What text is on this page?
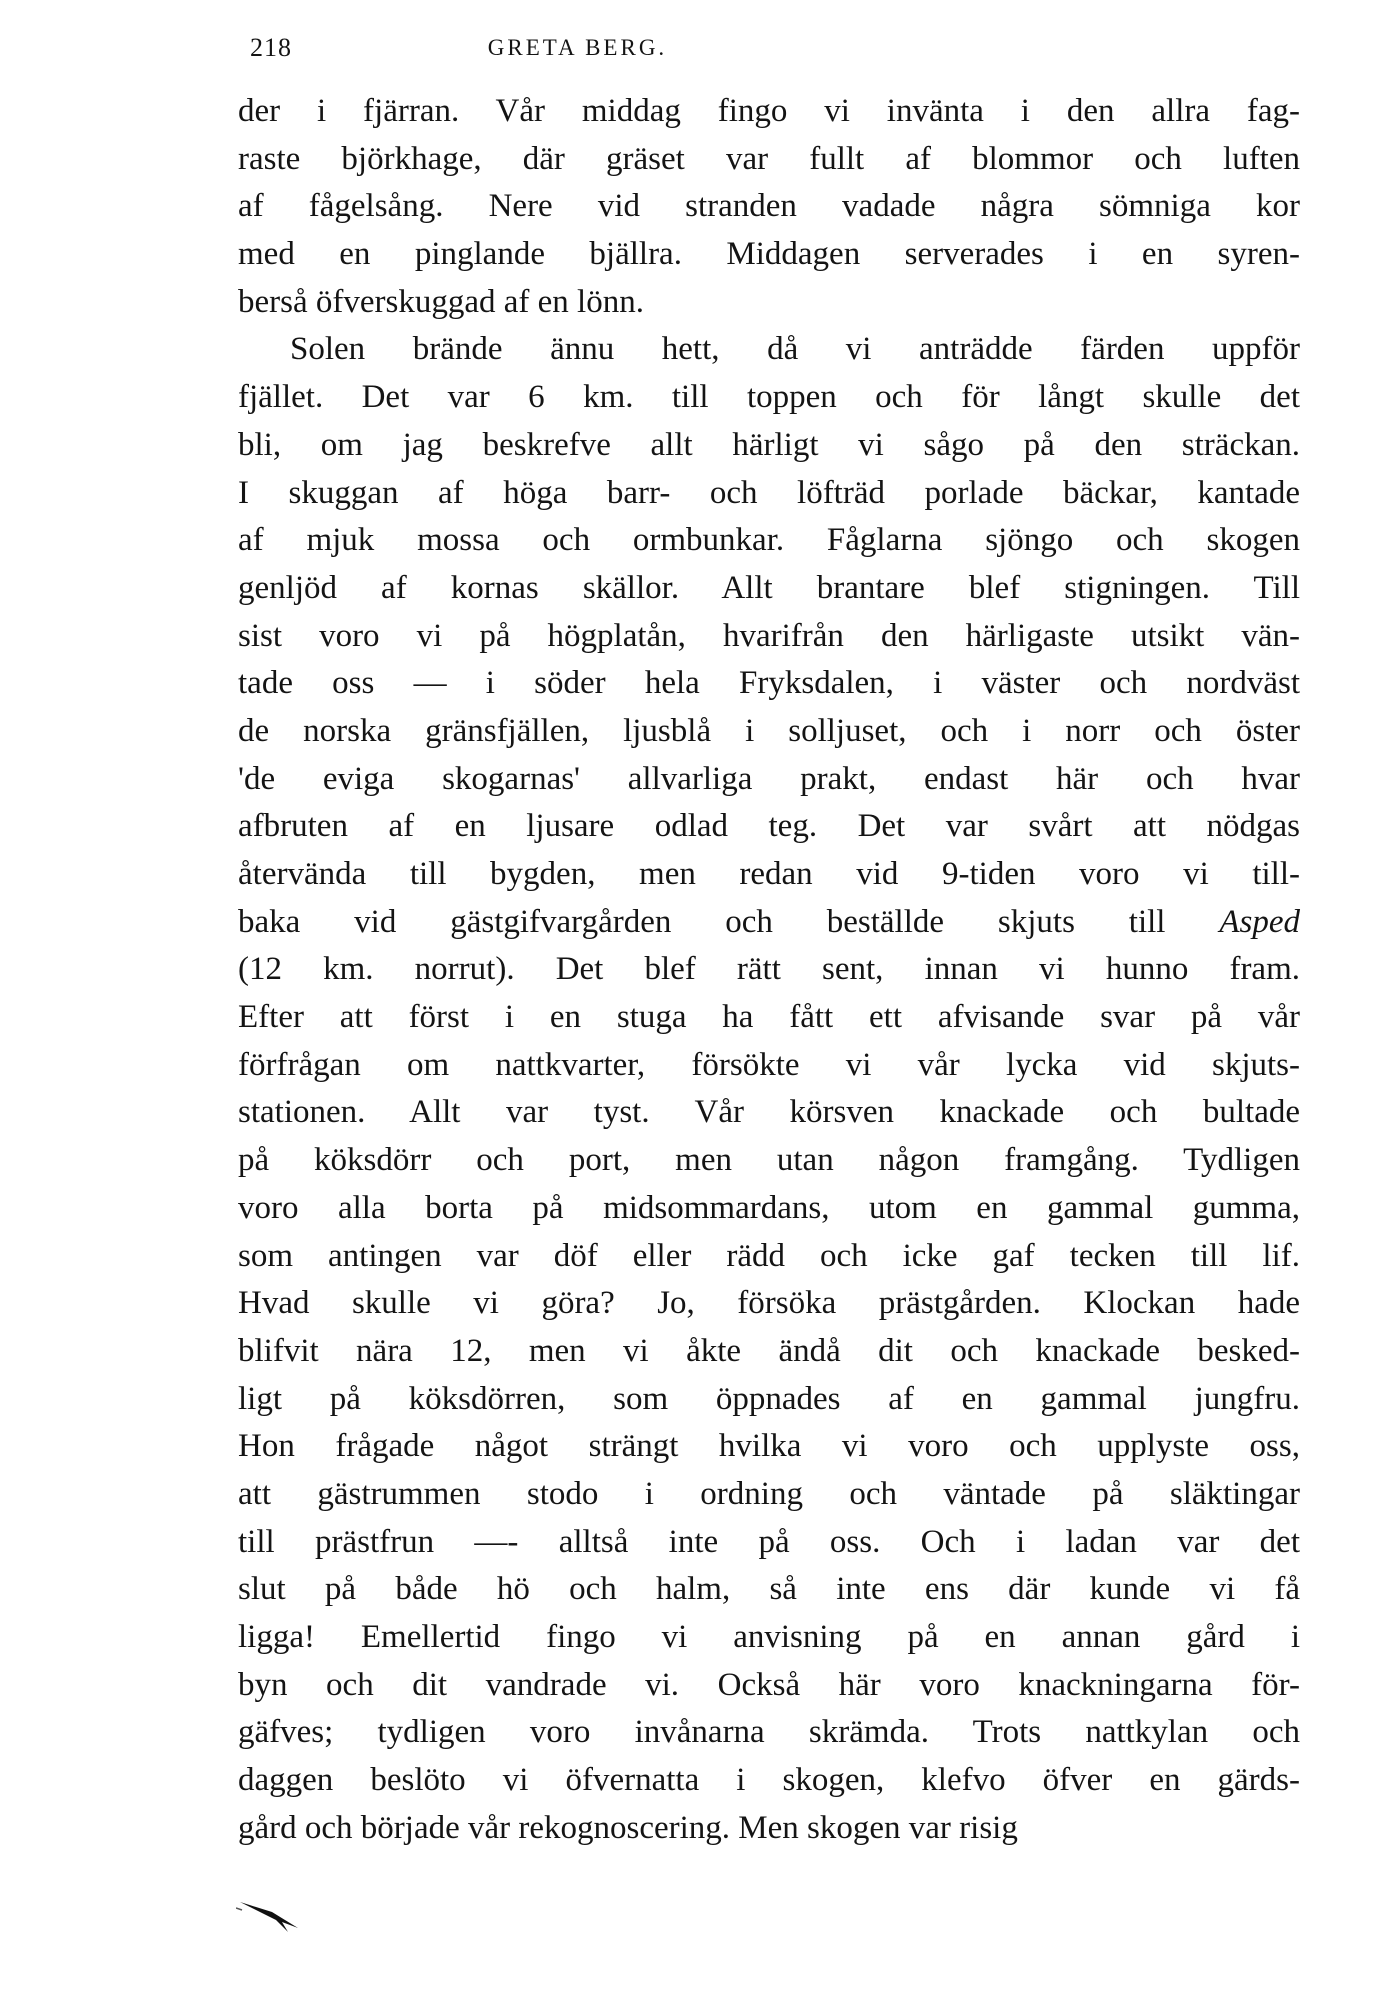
218	GRETA BERG.
der i fjärran. Vår middag fingo vi invänta i den allra fag-
raste björkhage, där gräset var fullt af blommor och luften
af fågelsång. Nere vid stranden vadade några sömniga kor
med en pinglande bjällra. Middagen serverades i en syren-
berså öfverskuggad af en lönn.
Solen brände ännu hett, då vi anträdde färden uppför
fjället. Det var 6 km. till toppen och för långt skulle det
bli, om jag beskrefve allt härligt vi sågo på den sträckan.
I skuggan af höga barr- och löfträd porlade bäckar, kantade
af mjuk mossa och ormbunkar. Fåglarna sjöngo och skogen
genljöd af kornas skällor. Allt brantare blef stigningen. Till
sist voro vi på högplatån, hvarifrån den härligaste utsikt vän-
tade oss — i söder hela Fryksdalen, i väster och nordväst
de norska gränsfjällen, ljusblå i solljuset, och i norr och öster
'de eviga skogarnas' allvarliga prakt, endast här och hvar
afbruten af en ljusare odlad teg. Det var svårt att nödgas
återvända till bygden, men redan vid 9-tiden voro vi till-
baka vid gästgifvargården och beställde skjuts till Asped
(12 km. norrut). Det blef rätt sent, innan vi hunno fram.
Efter att först i en stuga ha fått ett afvisande svar på vår
förfrågan om nattkvarter, försökte vi vår lycka vid skjuts-
stationen. Allt var tyst. Vår körsven knackade och bultade
på köksdörr och port, men utan någon framgång. Tydligen
voro alla borta på midsommardans, utom en gammal gumma,
som antingen var döf eller rädd och icke gaf tecken till lif.
Hvad skulle vi göra? Jo, försöka prästgården. Klockan hade
blifvit nära 12, men vi åkte ändå dit och knackade besked-
ligt på köksdörren, som öppnades af en gammal jungfru.
Hon frågade något strängt hvilka vi voro och upplyste oss,
att gästrummen stodo i ordning och väntade på släktingar
till prästfrun —- alltså inte på oss. Och i ladan var det
slut på både hö och halm, så inte ens där kunde vi få
ligga! Emellertid fingo vi anvisning på en annan gård i
byn och dit vandrade vi. Också här voro knackningarna för-
gäfves; tydligen voro invånarna skrämda. Trots nattkylan och
daggen beslöto vi öfvernatta i skogen, klefvo öfver en gärds-
gård och började vår rekognoscering. Men skogen var risig
